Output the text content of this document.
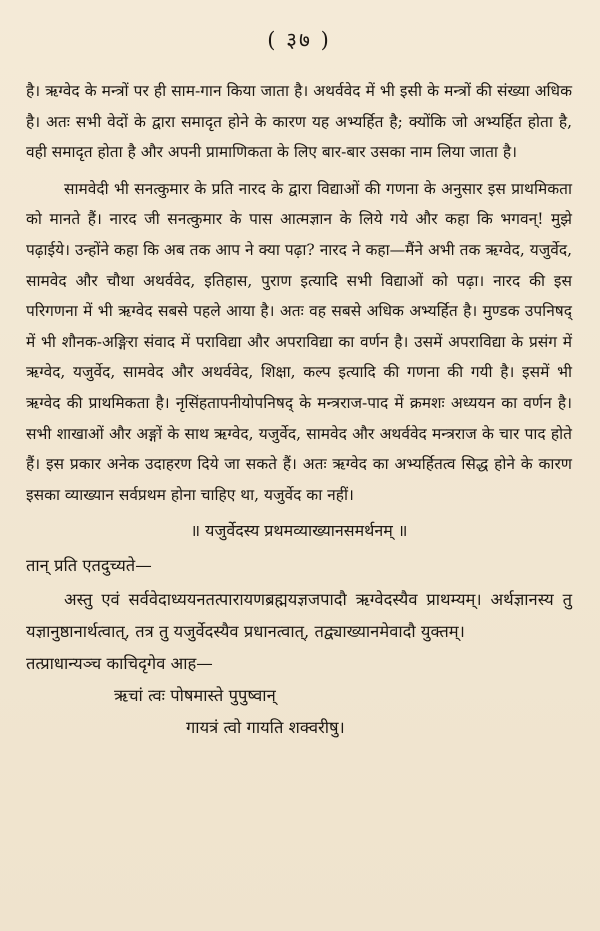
( ३७ )

है। ऋग्वेद के मन्त्रों पर ही साम-गान किया जाता है। अथर्ववेद में भी इसी के मन्त्रों की संख्या अधिक है। अतः सभी वेदों के द्वारा समादृत होने के कारण यह अभ्यर्हित है; क्योंकि जो अभ्यर्हित होता है, वही समादृत होता है और अपनी प्रामाणिकता के लिए बार-बार उसका नाम लिया जाता है।

सामवेदी भी सनत्कुमार के प्रति नारद के द्वारा विद्याओं की गणना के अनुसार इस प्राथमिकता को मानते हैं। नारद जी सनत्कुमार के पास आत्मज्ञान के लिये गये और कहा कि भगवन्! मुझे पढ़ाईये। उन्होंने कहा कि अब तक आप ने क्या पढ़ा? नारद ने कहा—मैंने अभी तक ऋग्वेद, यजुर्वेद, सामवेद और चौथा अथर्ववेद, इतिहास, पुराण इत्यादि सभी विद्याओं को पढ़ा। नारद की इस परिगणना में भी ऋग्वेद सबसे पहले आया है। अतः वह सबसे अधिक अभ्यर्हित है। मुण्डक उपनिषद् में भी शौनक-अङ्गिरा संवाद में पराविद्या और अपराविद्या का वर्णन है। उसमें अपराविद्या के प्रसंग में ऋग्वेद, यजुर्वेद, सामवेद और अथर्ववेद, शिक्षा, कल्प इत्यादि की गणना की गयी है। इसमें भी ऋग्वेद की प्राथमिकता है। नृसिंहतापनीयोपनिषद् के मन्त्रराज-पाद में क्रमशः अध्ययन का वर्णन है। सभी शाखाओं और अङ्गों के साथ ऋग्वेद, यजुर्वेद, सामवेद और अथर्ववेद मन्त्रराज के चार पाद होते हैं। इस प्रकार अनेक उदाहरण दिये जा सकते हैं। अतः ऋग्वेद का अभ्यर्हितत्व सिद्ध होने के कारण इसका व्याख्यान सर्वप्रथम होना चाहिए था, यजुर्वेद का नहीं।

॥ यजुर्वेदस्य प्रथमव्याख्यानसमर्थनम् ॥

तान् प्रति एतदुच्यते—

अस्तु एवं सर्ववेदाध्ययनतत्पारायणब्रह्मयज्ञजपादौ ऋग्वेदस्यैव प्राथम्यम्। अर्थज्ञानस्य तु यज्ञानुष्ठानार्थत्वात्, तत्र तु यजुर्वेदस्यैव प्रधानत्वात्, तद्व्याख्यानमेवादौ युक्तम्।

तत्प्राधान्यञ्च काचिदृगेव आह—

ऋचां त्वः पोषमास्ते पुपुष्वान्
गायत्रं त्वो गायति शक्वरीषु।
